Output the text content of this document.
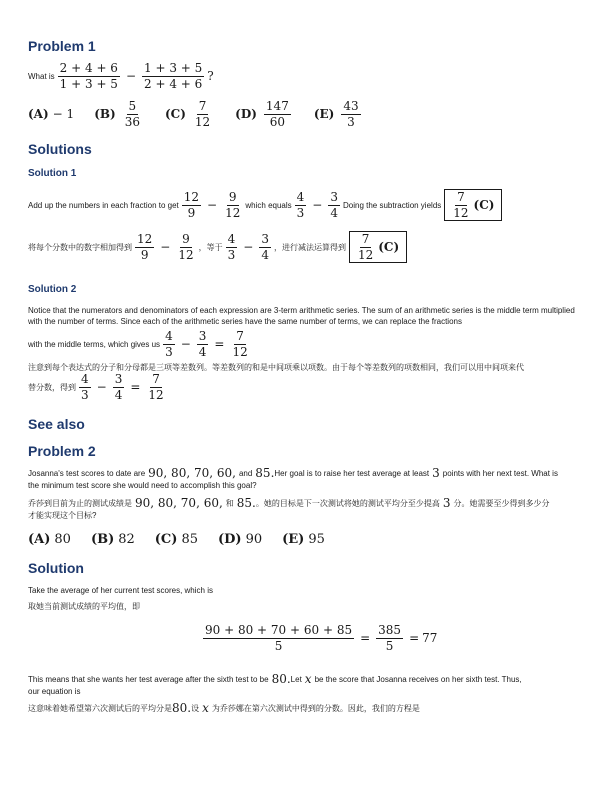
Problem 1
What is $\frac{2 + 4 + 6}{1 + 3 + 5} - \frac{1 + 3 + 5}{2 + 4 + 6}$ ?
(A) − 1 $(B) \frac{5}{36} (C) \frac{7}{12} (D) \frac{147}{60} (E) \frac{43}{3}$
Solutions
Solution 1
Add up the numbers in each fraction to get $\frac{12}{9} - \frac{9}{12}$ which equals $\frac{4}{3} - \frac{3}{4}$ Doing the subtraction yields $\frac{7}{12} (C)$
将每个分数中的数字相加得到 $\frac{12}{9} - \frac{9}{12}$ ，等于 $\frac{4}{3} - \frac{3}{4}$ ，进行减法运算得到 $\frac{7}{12} (C)$
Solution 2
Notice that the numerators and denominators of each expression are 3-term arithmetic series. The sum of an arithmetic series is the middle term multiplied with the number of terms. Since each of the arithmetic series have the same number of terms, we can replace the fractions
with the middle terms, which gives us $\frac{4}{3} - \frac{3}{4} = \frac{7}{12}$
注意到每个表达式的分子和分母都是三项等差数列。等差数列的和是中间项乘以项数。由于每个等差数列的项数相同，我们可以用中间项来代
替分数，得到 $\frac{4}{3} - \frac{3}{4} = \frac{7}{12}$
See also
Problem 2
Josanna's test scores to date are 90, 80, 70, 60, and 85. Her goal is to raise her test average at least 3 points with her next test. What is
the minimum test score she would need to accomplish this goal?
乔莎到目前为止的测试成绩是 90, 80, 70, 60, 和 85. 。她的目标是下一次测试将她的测试平均分至少提高 3 分。她需要至少得到多少分
才能实现这个目标?
(A) 80 (B) 82 (C) 85 (D) 90 (E) 95
Solution
Take the average of her current test scores, which is
取她当前测试成绩的平均值，即
$\frac{90 + 80 + 70 + 60 + 85}{5} = \frac{385}{5} = 77$
This means that she wants her test average after the sixth test to be 80. Let x be the score that Josanna receives on her sixth test. Thus,
our equation is
这意味着她希望第六次测试后的平均分是 80. 设 x 为乔莎娜在第六次测试中得到的分数。因此，我们的方程是
